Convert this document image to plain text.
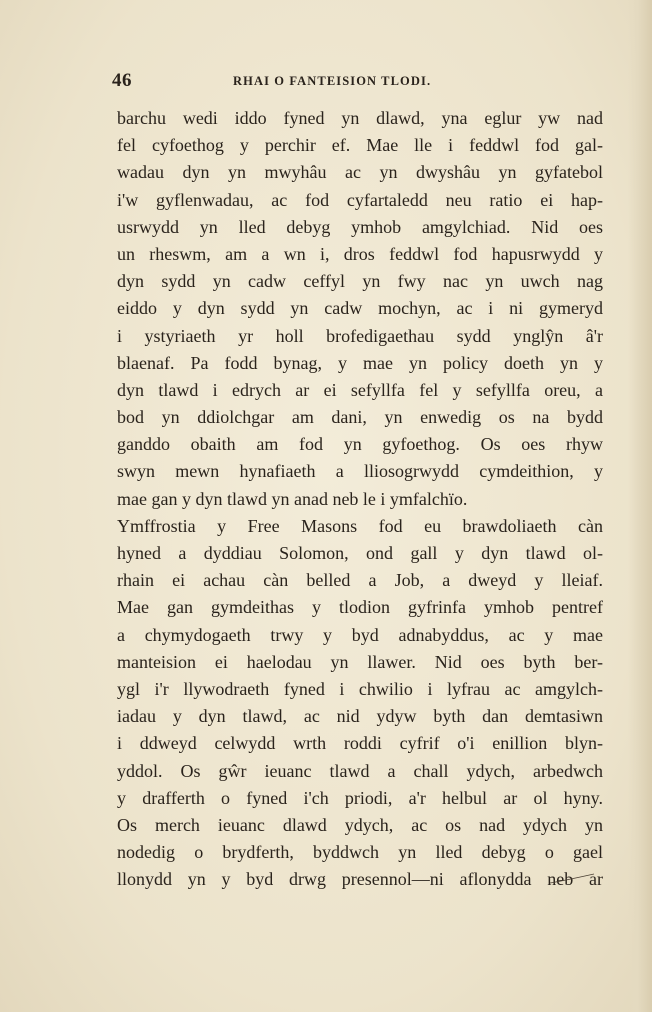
46	RHAI O FANTEISION TLODI.
barchu wedi iddo fyned yn dlawd, yna eglur yw nad
fel cyfoethog y perchir ef. Mae lle i feddwl fod gal-
wadau dyn yn mwyhâu ac yn dwyshâu yn gyfatebol
i'w gyflenwadau, ac fod cyfartaledd neu ratio ei hap-
usrwydd yn lled debyg ymhob amgylchiad. Nid oes
un rheswm, am a wn i, dros feddwl fod hapusrwydd y
dyn sydd yn cadw ceffyl yn fwy nac yn uwch nag
eiddo y dyn sydd yn cadw mochyn, ac i ni gymeryd
i ystyriaeth yr holl brofedigaethau sydd ynglŷn â'r
blaenaf. Pa fodd bynag, y mae yn policy doeth yn y
dyn tlawd i edrych ar ei sefyllfa fel y sefyllfa oreu, a
bod yn ddiolchgar am dani, yn enwedig os na bydd
ganddo obaith am fod yn gyfoethog. Os oes rhyw
swyn mewn hynafiaeth a lliosogrwydd cymdeithion, y
mae gan y dyn tlawd yn anad neb le i ymfalchïo.
Ymffrostia y Free Masons fod eu brawdoliaeth càn
hyned a dyddiau Solomon, ond gall y dyn tlawd ol-
rhain ei achau càn belled a Job, a dweyd y lleiaf.
Mae gan gymdeithas y tlodion gyfrinfa ymhob pentref
a chymydogaeth trwy y byd adnabyddus, ac y mae
manteision ei haelodau yn llawer. Nid oes byth ber-
ygl i'r llywodraeth fyned i chwilio i lyfrau ac amgylch-
iadau y dyn tlawd, ac nid ydyw byth dan demtasiwn
i ddweyd celwydd wrth roddi cyfrif o'i enillion blyn-
yddol. Os gŵr ieuanc tlawd a chall ydych, arbedwch
y drafferth o fyned i'ch priodi, a'r helbul ar ol hyny.
Os merch ieuanc dlawd ydych, ac os nad ydych yn
nodedig o brydferth, byddwch yn lled debyg o gael
llonydd yn y byd drwg presennol—ni aflonydda neb ar
